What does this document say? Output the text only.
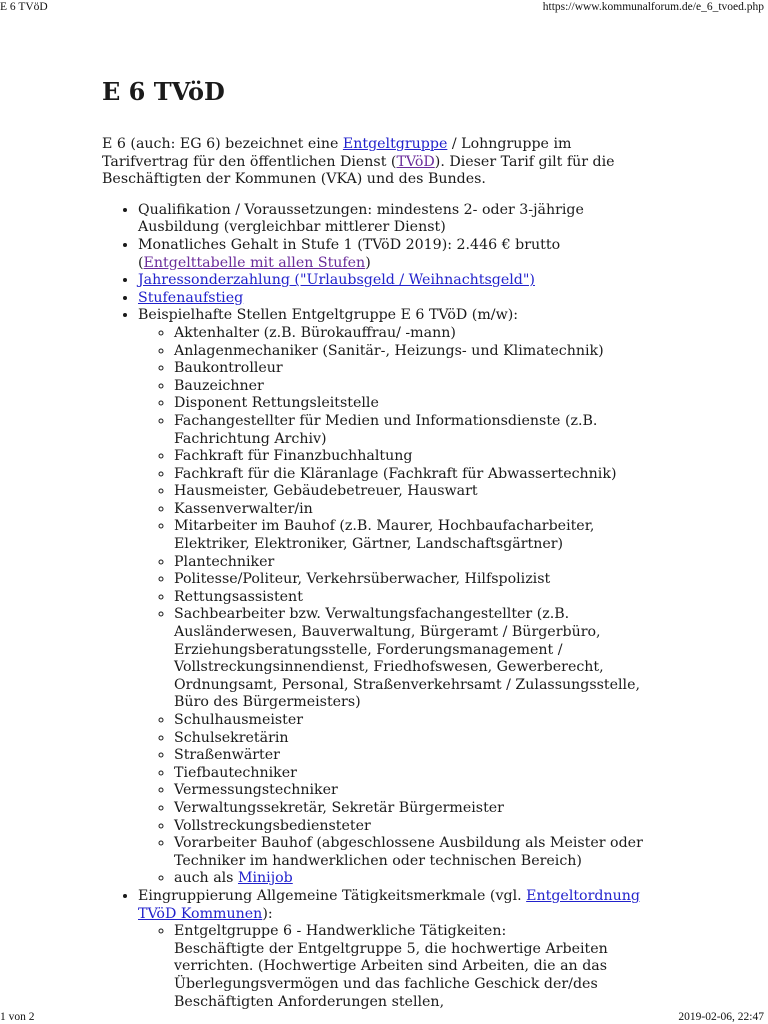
E 6 TVöD	https://www.kommunalforum.de/e_6_tvoed.php
E 6 TVöD

E 6 (auch: EG 6) bezeichnet eine Entgeltgruppe / Lohngruppe im Tarifvertrag für den öffentlichen Dienst (TVöD). Dieser Tarif gilt für die Beschäftigten der Kommunen (VKA) und des Bundes.

• Qualifikation / Voraussetzungen: mindestens 2- oder 3-jährige Ausbildung (vergleichbar mittlerer Dienst)
• Monatliches Gehalt in Stufe 1 (TVöD 2019): 2.446 € brutto (Entgelttabelle mit allen Stufen)
• Jahressonderzahlung ("Urlaubsgeld / Weihnachtsgeld")
• Stufenaufstieg
• Beispielhafte Stellen Entgeltgruppe E 6 TVöD (m/w):
◦ Aktenhalter (z.B. Bürokauffrau/ -mann)
◦ Anlagenmechaniker (Sanitär-, Heizungs- und Klimatechnik)
◦ Baukontrolleur
◦ Bauzeichner
◦ Disponent Rettungsleitstelle
◦ Fachangestellter für Medien und Informationsdienste (z.B. Fachrichtung Archiv)
◦ Fachkraft für Finanzbuchhaltung
◦ Fachkraft für die Kläranlage (Fachkraft für Abwassertechnik)
◦ Hausmeister, Gebäudebetreuer, Hauswart
◦ Kassenverwalter/in
◦ Mitarbeiter im Bauhof (z.B. Maurer, Hochbaufacharbeiter, Elektriker, Elektroniker, Gärtner, Landschaftsgärtner)
◦ Plantechniker
◦ Politesse/Politeur, Verkehrsüberwacher, Hilfspolizist
◦ Rettungsassistent
◦ Sachbearbeiter bzw. Verwaltungsfachangestellter (z.B. Ausländerwesen, Bauverwaltung, Bürgeramt / Bürgerbüro, Erziehungsberatungsstelle, Forderungsmanagement / Vollstreckungsinnendienst, Friedhofswesen, Gewerberecht, Ordnungsamt, Personal, Straßenverkehrsamt / Zulassungsstelle, Büro des Bürgermeisters)
◦ Schulhausmeister
◦ Schulsekretärin
◦ Straßenwärter
◦ Tiefbautechniker
◦ Vermessungstechniker
◦ Verwaltungssekretär, Sekretär Bürgermeister
◦ Vollstreckungsbediensteter
◦ Vorarbeiter Bauhof (abgeschlossene Ausbildung als Meister oder Techniker im handwerklichen oder technischen Bereich)
◦ auch als Minijob
• Eingruppierung Allgemeine Tätigkeitsmerkmale (vgl. Entgeltordnung TVöD Kommunen):
◦ Entgeltgruppe 6 - Handwerkliche Tätigkeiten:
Beschäftigte der Entgeltgruppe 5, die hochwertige Arbeiten verrichten. (Hochwertige Arbeiten sind Arbeiten, die an das Überlegungsvermögen und das fachliche Geschick der/des Beschäftigten Anforderungen stellen,
1 von 2	2019-02-06, 22:47
